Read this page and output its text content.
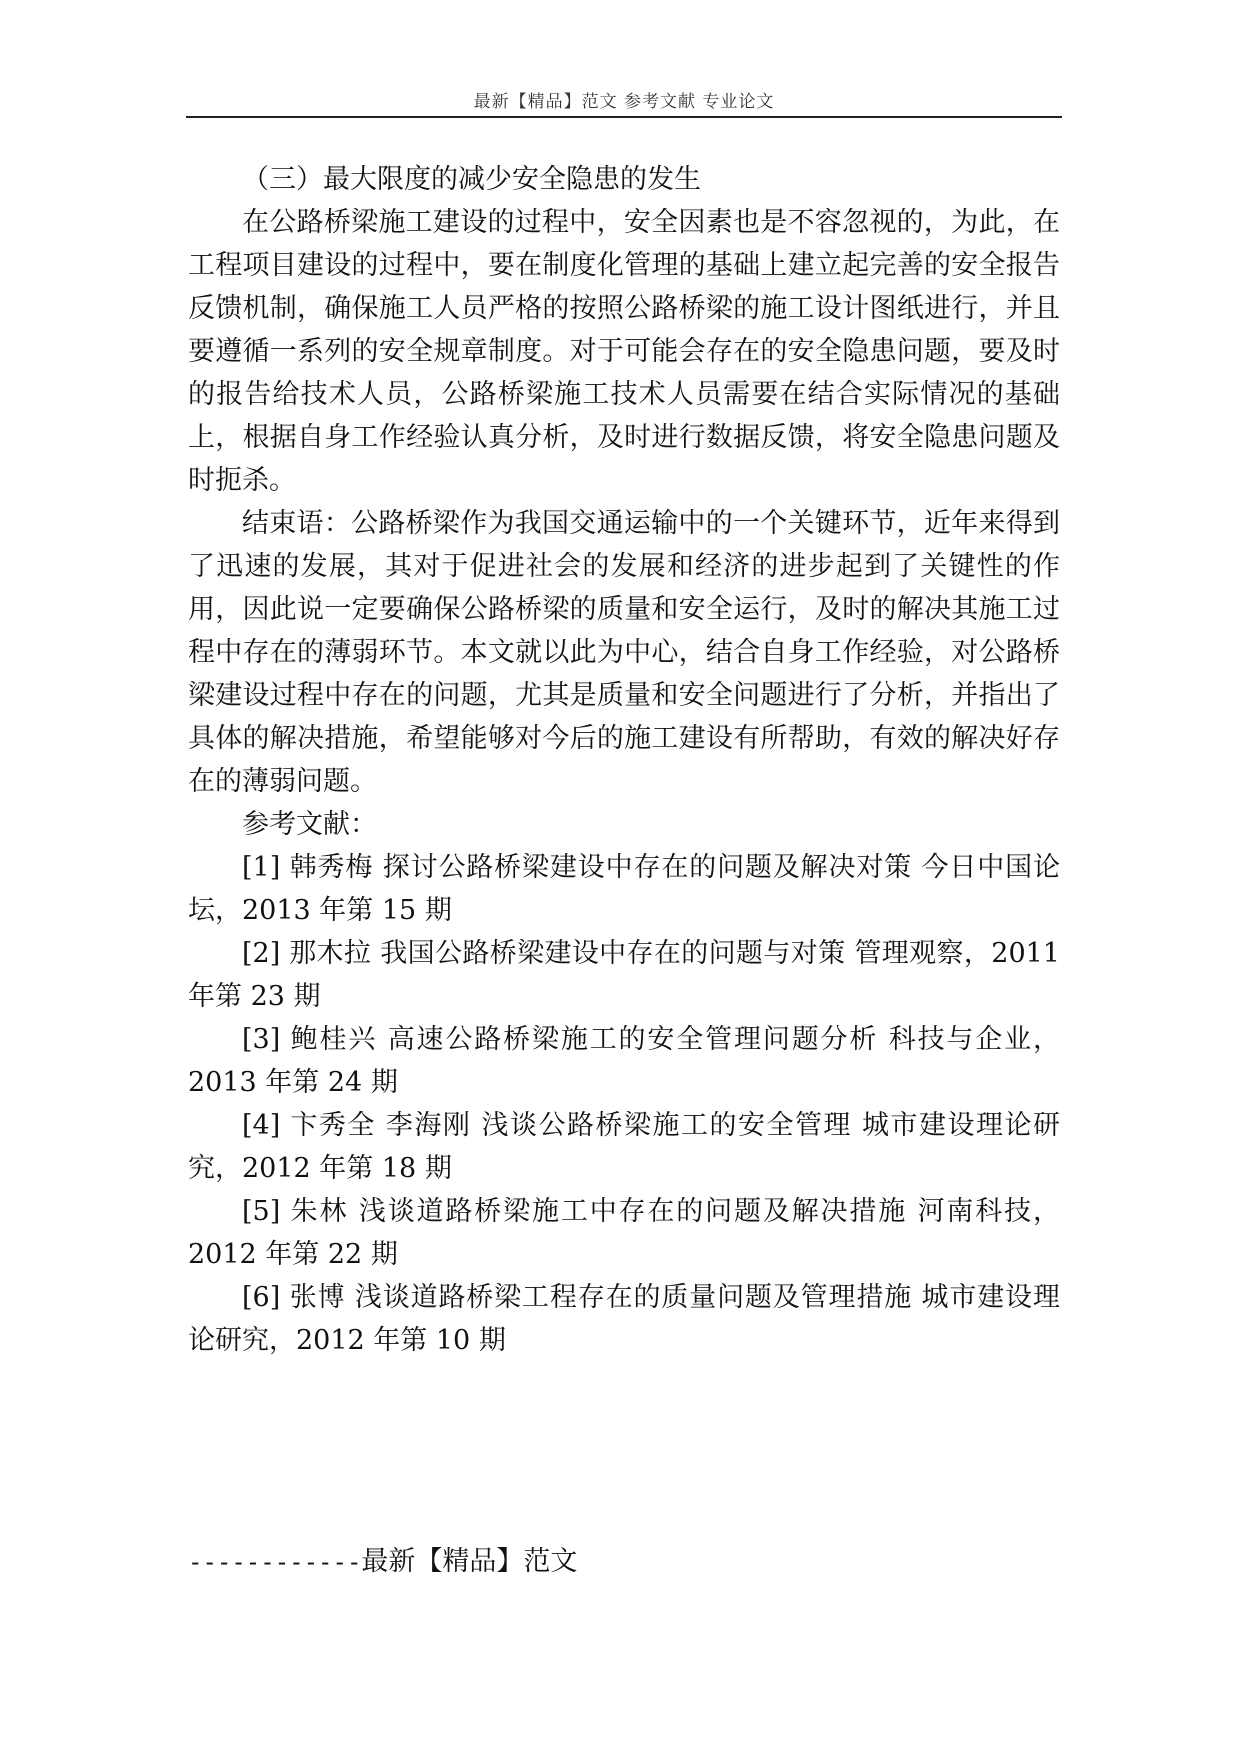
最新【精品】范文 参考文献 专业论文

（三）最大限度的减少安全隐患的发生

在公路桥梁施工建设的过程中，安全因素也是不容忽视的，为此，在工程项目建设的过程中，要在制度化管理的基础上建立起完善的安全报告反馈机制，确保施工人员严格的按照公路桥梁的施工设计图纸进行，并且要遵循一系列的安全规章制度。对于可能会存在的安全隐患问题，要及时的报告给技术人员，公路桥梁施工技术人员需要在结合实际情况的基础上，根据自身工作经验认真分析，及时进行数据反馈，将安全隐患问题及时扼杀。

结束语：公路桥梁作为我国交通运输中的一个关键环节，近年来得到了迅速的发展，其对于促进社会的发展和经济的进步起到了关键性的作用，因此说一定要确保公路桥梁的质量和安全运行，及时的解决其施工过程中存在的薄弱环节。本文就以此为中心，结合自身工作经验，对公路桥梁建设过程中存在的问题，尤其是质量和安全问题进行了分析，并指出了具体的解决措施，希望能够对今后的施工建设有所帮助，有效的解决好存在的薄弱问题。

参考文献：

[1] 韩秀梅 探讨公路桥梁建设中存在的问题及解决对策 今日中国论坛，2013 年第 15 期

[2] 那木拉 我国公路桥梁建设中存在的问题与对策 管理观察，2011 年第 23 期

[3] 鲍桂兴 高速公路桥梁施工的安全管理问题分析 科技与企业，2013 年第 24 期

[4] 卞秀全 李海刚 浅谈公路桥梁施工的安全管理 城市建设理论研究，2012 年第 18 期

[5] 朱林 浅谈道路桥梁施工中存在的问题及解决措施 河南科技，2012 年第 22 期

[6] 张博 浅谈道路桥梁工程存在的质量问题及管理措施 城市建设理论研究，2012 年第 10 期

------------最新【精品】范文
